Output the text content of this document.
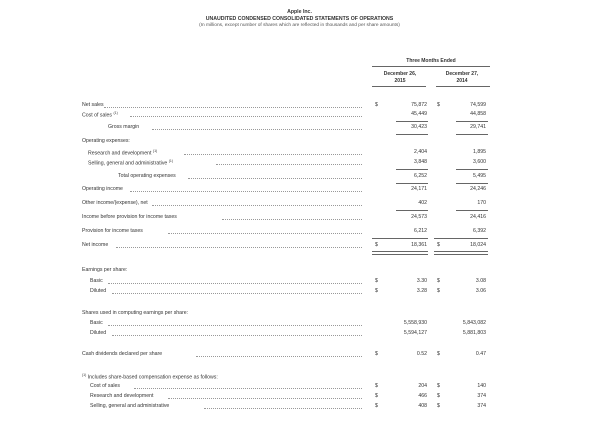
Apple Inc.
UNAUDITED CONDENSED CONSOLIDATED STATEMENTS OF OPERATIONS
(In millions, except number of shares which are reflected in thousands and per share amounts)
Three Months Ended
December 26,
2015
December 27,
2014
Net sales	$	75,872 $	74,599
Cost of sales $^{(1)}$	45,449	44,858
Gross margin	30,423	29,741
Operating expenses:
Research and development $^{(1)}$	2,404	1,895
Selling, general and administrative $^{(1)}$	3,848	3,600
Total operating expenses	6,252	5,495
Operating income	24,171	24,246
Other income/(expense), net	402	170
Income before provision for income taxes	24,573	24,416
Provision for income taxes	6,212	6,392
Net income	$	18,361 $	18,024
Earnings per share:
Basic	$	3.30 $	3.08
Diluted	$	3.28 $	3.06
Shares used in computing earnings per share:
Basic	5,558,930	5,843,082
Diluted	5,594,127	5,881,803
Cash dividends declared per share	$	0.52 $	0.47
$^{(1)}$ Includes share-based compensation expense as follows:
Cost of sales	$	204 $	140
Research and development	$	466 $	374
Selling, general and administrative	$	408 $	374
